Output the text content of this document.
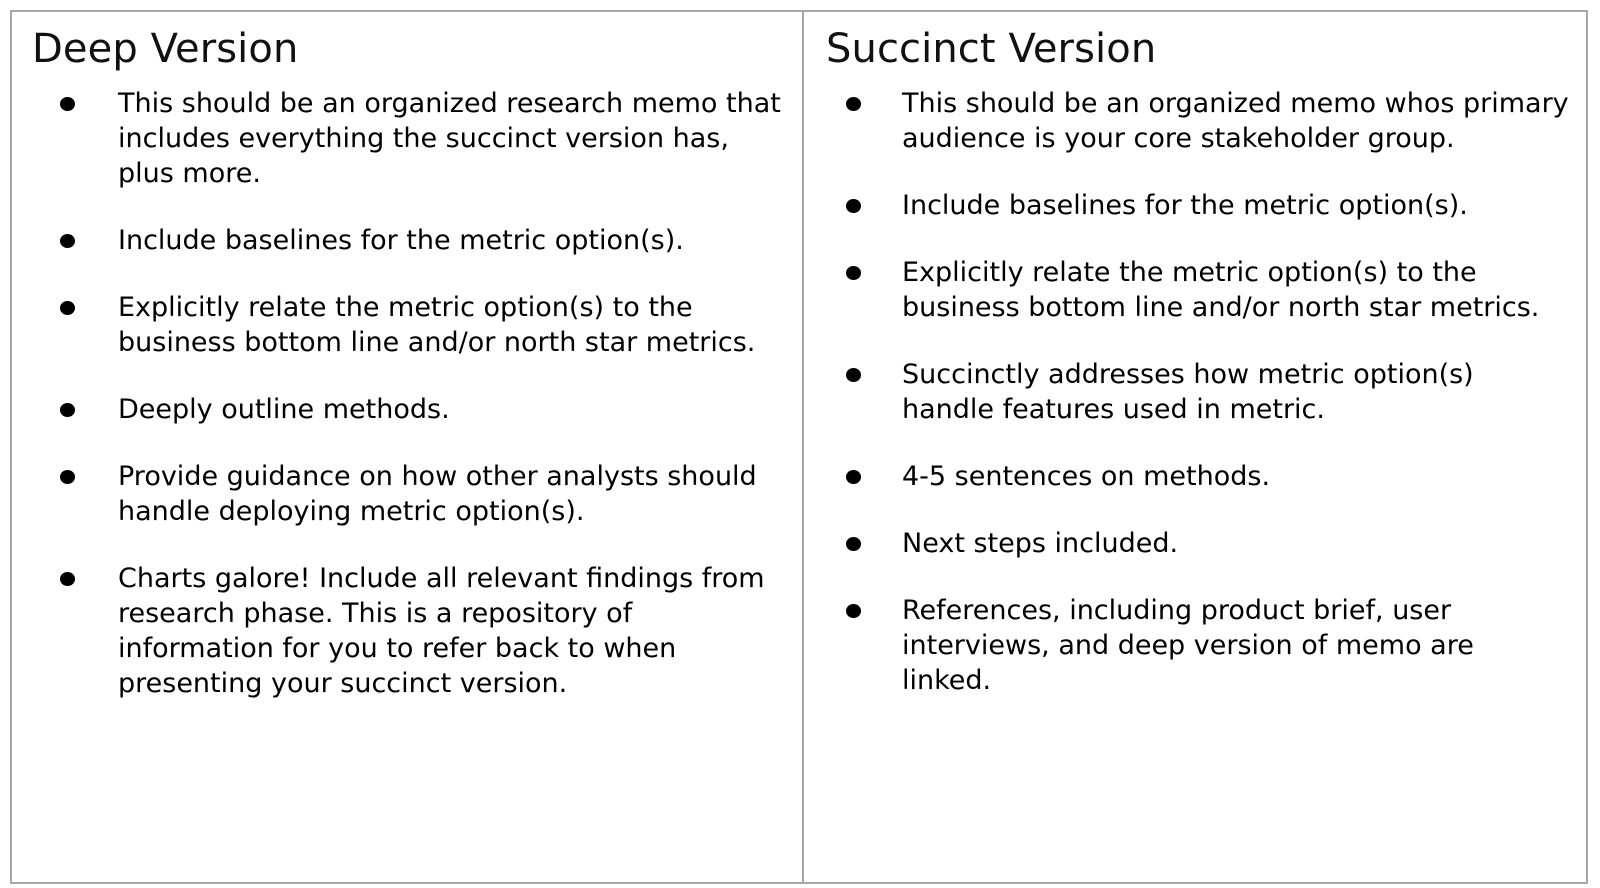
Deep Version
This should be an organized research memo that includes everything the succinct version has, plus more.
Include baselines for the metric option(s).
Explicitly relate the metric option(s) to the business bottom line and/or north star metrics.
Deeply outline methods.
Provide guidance on how other analysts should handle deploying metric option(s).
Charts galore! Include all relevant findings from research phase. This is a repository of information for you to refer back to when presenting your succinct version.
Succinct Version
This should be an organized memo whos primary audience is your core stakeholder group.
Include baselines for the metric option(s).
Explicitly relate the metric option(s) to the business bottom line and/or north star metrics.
Succinctly addresses how metric option(s) handle features used in metric.
4-5 sentences on methods.
Next steps included.
References, including product brief, user interviews, and deep version of memo are linked.
